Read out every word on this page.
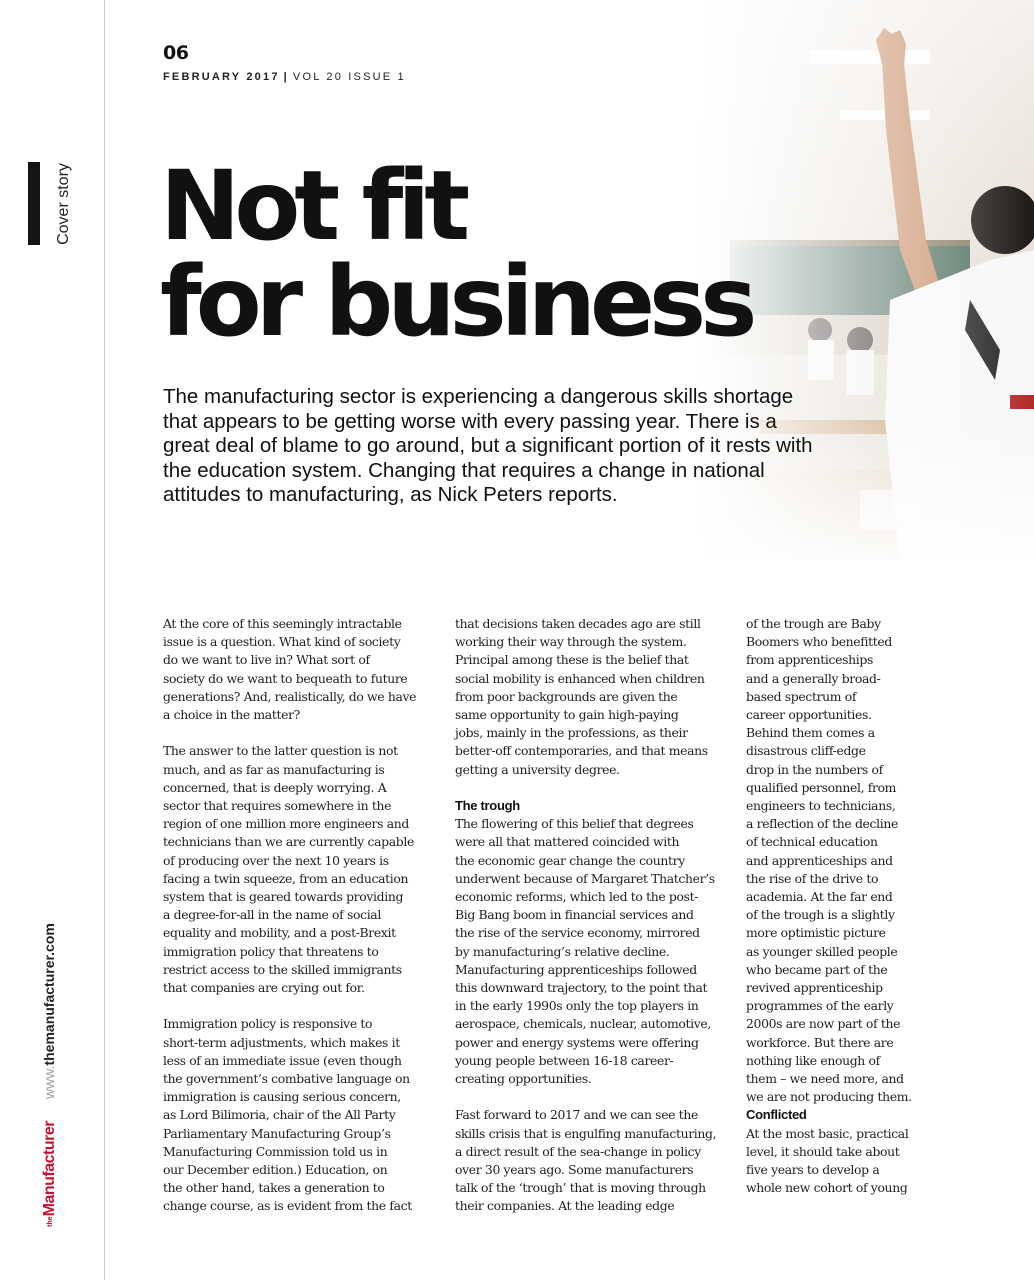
Cover story
theManufacturerwww.themanufacturer.com
06
FEBRUARY 2017 | VOL 20 ISSUE 1
Not fit
for business

The manufacturing sector is experiencing a dangerous skills shortage that appears to be getting worse with every passing year. There is a great deal of blame to go around, but a significant portion of it rests with the education system. Changing that requires a change in national attitudes to manufacturing, as Nick Peters reports.

At the core of this seemingly intractable
issue is a question. What kind of society
do we want to live in? What sort of
society do we want to bequeath to future
generations? And, realistically, do we have
a choice in the matter?

The answer to the latter question is not
much, and as far as manufacturing is
concerned, that is deeply worrying. A
sector that requires somewhere in the
region of one million more engineers and
technicians than we are currently capable
of producing over the next 10 years is
facing a twin squeeze, from an education
system that is geared towards providing
a degree-for-all in the name of social
equality and mobility, and a post-Brexit
immigration policy that threatens to
restrict access to the skilled immigrants
that companies are crying out for.

Immigration policy is responsive to
short-term adjustments, which makes it
less of an immediate issue (even though
the government’s combative language on
immigration is causing serious concern,
as Lord Bilimoria, chair of the All Party
Parliamentary Manufacturing Group’s
Manufacturing Commission told us in
our December edition.) Education, on
the other hand, takes a generation to
change course, as is evident from the fact

that decisions taken decades ago are still
working their way through the system.
Principal among these is the belief that
social mobility is enhanced when children
from poor backgrounds are given the
same opportunity to gain high-paying
jobs, mainly in the professions, as their
better-off contemporaries, and that means
getting a university degree.

The trough

The flowering of this belief that degrees
were all that mattered coincided with
the economic gear change the country
underwent because of Margaret Thatcher’s
economic reforms, which led to the post-
Big Bang boom in financial services and
the rise of the service economy, mirrored
by manufacturing’s relative decline.
Manufacturing apprenticeships followed
this downward trajectory, to the point that
in the early 1990s only the top players in
aerospace, chemicals, nuclear, automotive,
power and energy systems were offering
young people between 16-18 career-
creating opportunities.

Fast forward to 2017 and we can see the
skills crisis that is engulfing manufacturing,
a direct result of the sea-change in policy
over 30 years ago. Some manufacturers
talk of the ‘trough’ that is moving through
their companies. At the leading edge

of the trough are Baby
Boomers who benefitted
from apprenticeships
and a generally broad-
based spectrum of
career opportunities.
Behind them comes a
disastrous cliff-edge
drop in the numbers of
qualified personnel, from
engineers to technicians,
a reflection of the decline
of technical education
and apprenticeships and
the rise of the drive to
academia. At the far end
of the trough is a slightly
more optimistic picture
as younger skilled people
who became part of the
revived apprenticeship
programmes of the early
2000s are now part of the
workforce. But there are
nothing like enough of
them – we need more, and
we are not producing them.

Conflicted

At the most basic, practical
level, it should take about
five years to develop a
whole new cohort of young
